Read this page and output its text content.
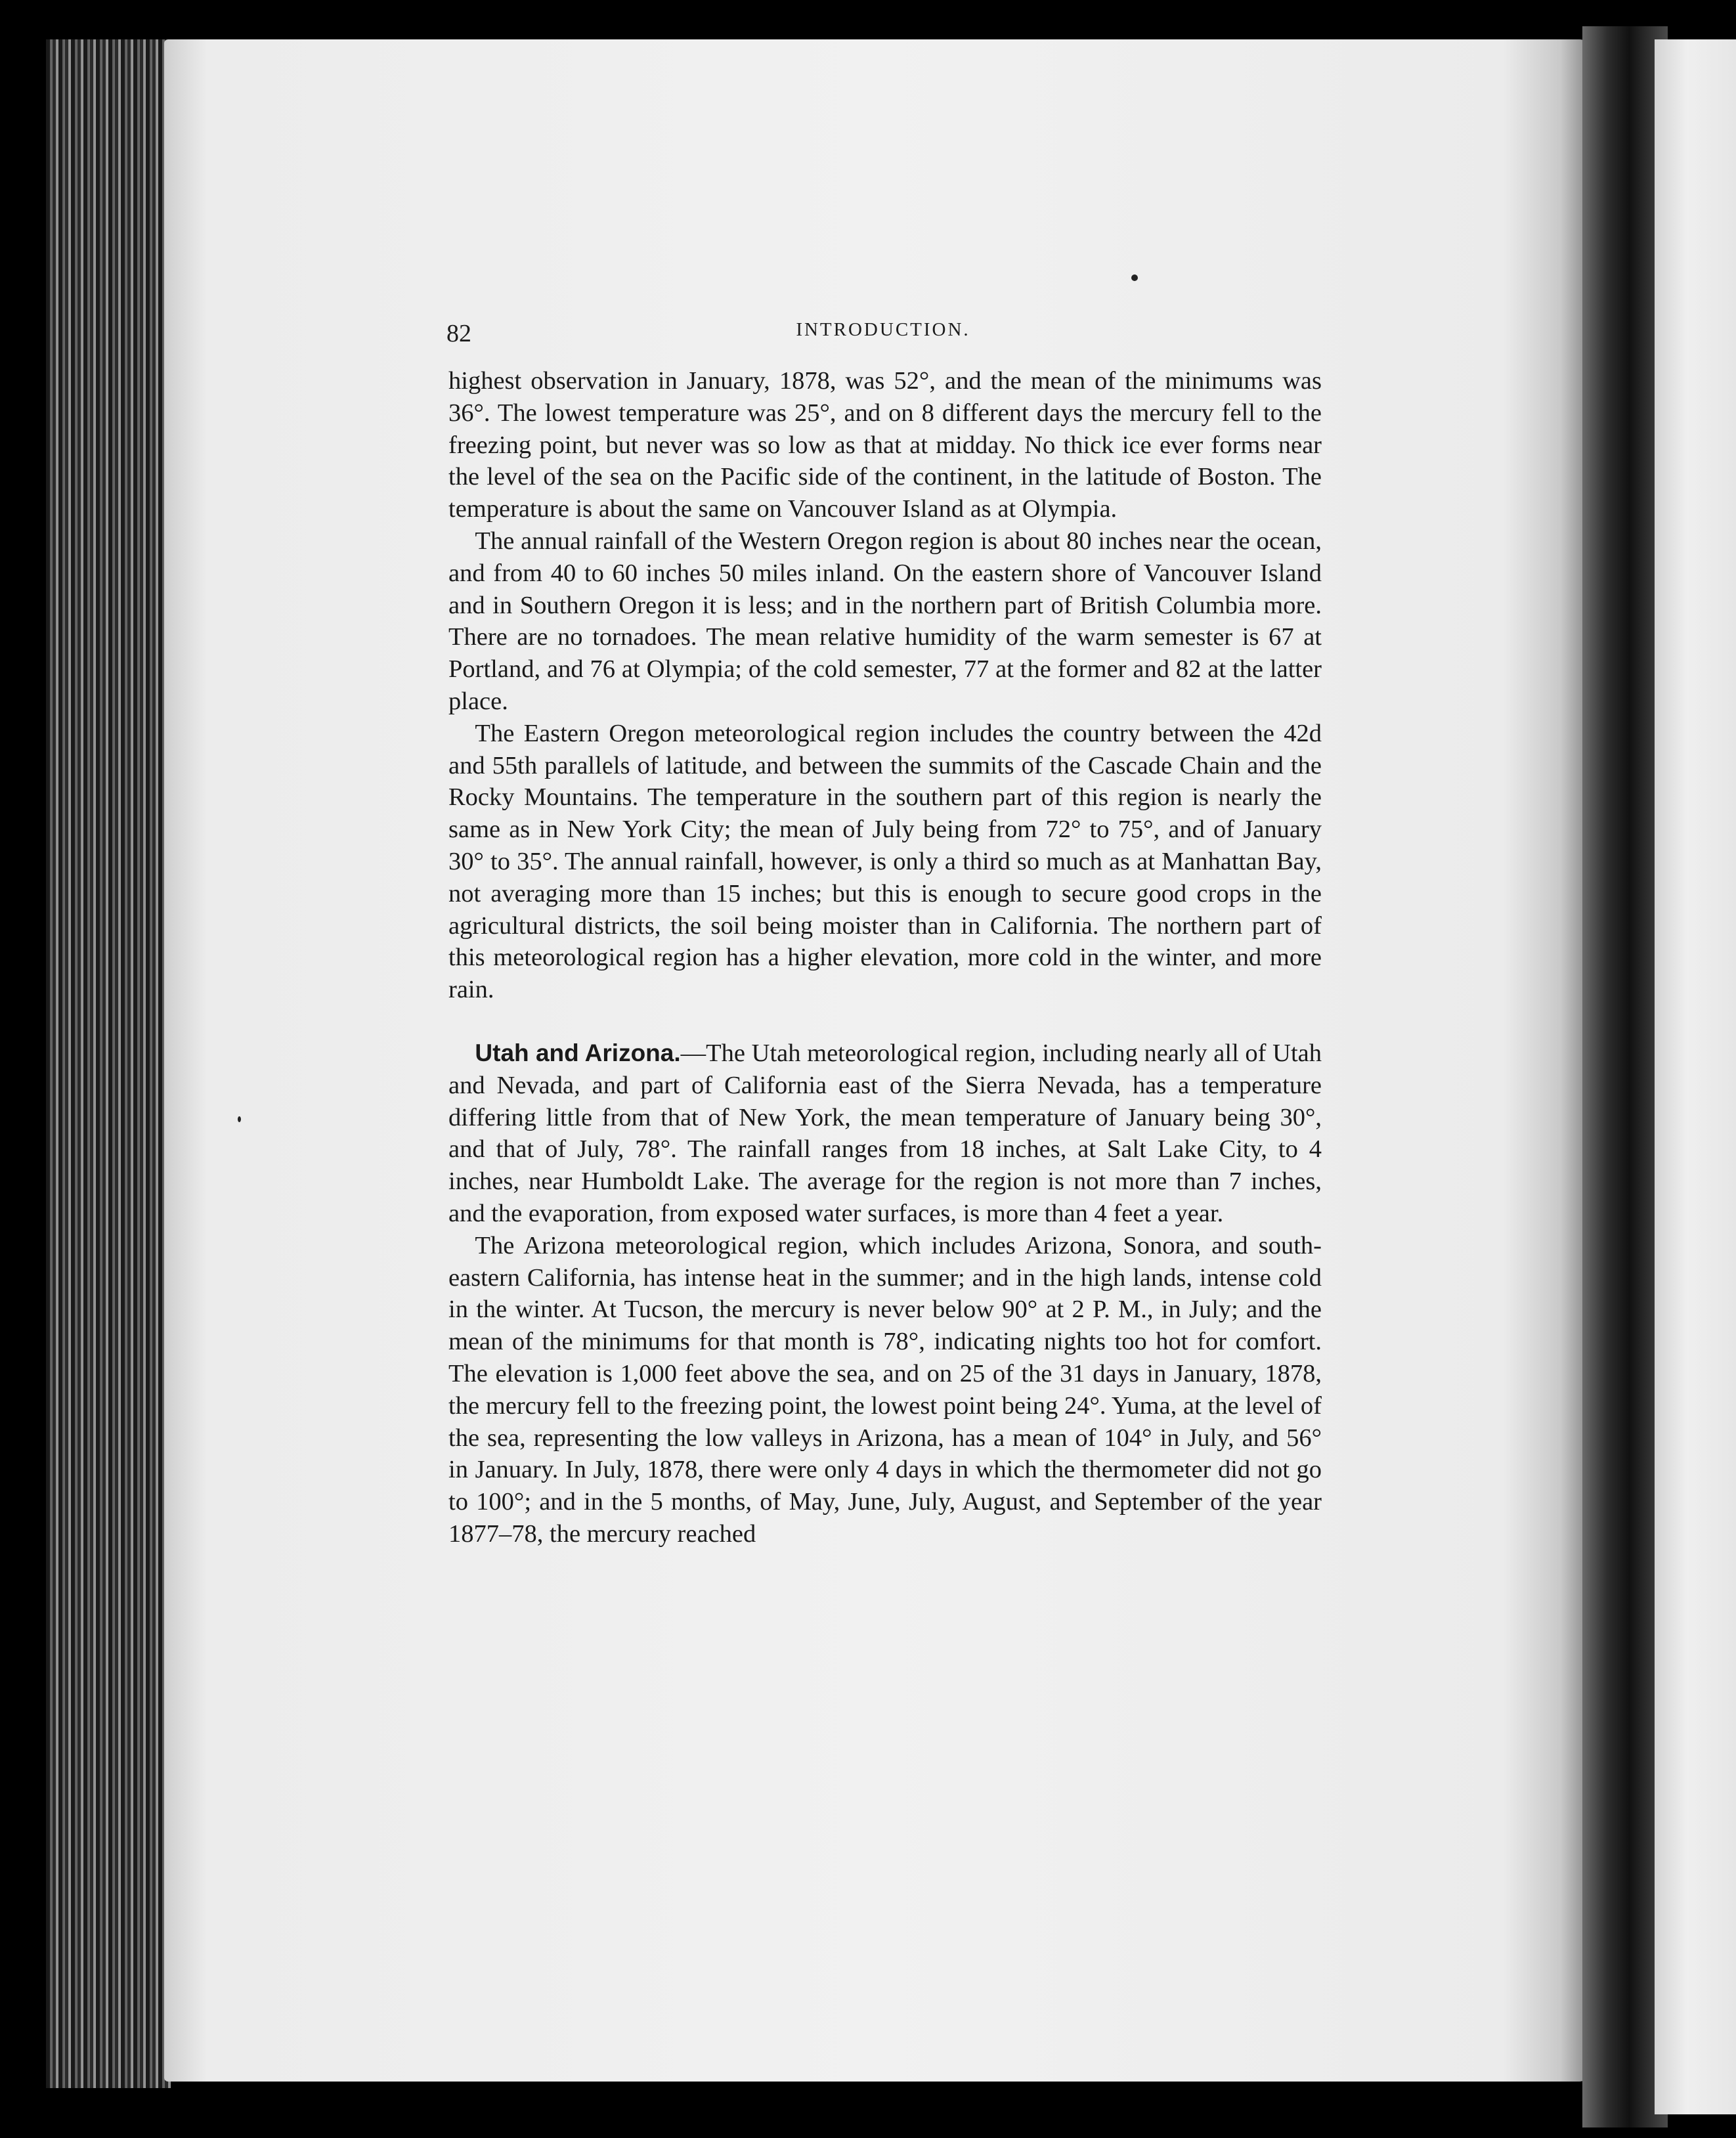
82	INTRODUCTION.

highest observation in January, 1878, was 52°, and the mean of the minimums was 36°. The lowest temperature was 25°, and on 8 different days the mercury fell to the freezing point, but never was so low as that at midday. No thick ice ever forms near the level of the sea on the Pacific side of the continent, in the latitude of Boston. The temperature is about the same on Vancouver Island as at Olympia.

The annual rainfall of the Western Oregon region is about 80 inches near the ocean, and from 40 to 60 inches 50 miles inland. On the eastern shore of Vancouver Island and in Southern Oregon it is less; and in the northern part of British Columbia more. There are no tornadoes. The mean relative humidity of the warm semester is 67 at Portland, and 76 at Olympia; of the cold semester, 77 at the former and 82 at the latter place.

The Eastern Oregon meteorological region includes the country between the 42d and 55th parallels of latitude, and between the summits of the Cascade Chain and the Rocky Mountains. The temperature in the southern part of this region is nearly the same as in New York City; the mean of July being from 72° to 75°, and of January 30° to 35°. The annual rainfall, however, is only a third so much as at Manhattan Bay, not averaging more than 15 inches; but this is enough to secure good crops in the agricultural districts, the soil being moister than in California. The northern part of this meteorological region has a higher elevation, more cold in the winter, and more rain.

Utah and Arizona.—The Utah meteorological region, including nearly all of Utah and Nevada, and part of California east of the Sierra Nevada, has a temperature differing little from that of New York, the mean temperature of January being 30°, and that of July, 78°. The rainfall ranges from 18 inches, at Salt Lake City, to 4 inches, near Humboldt Lake. The average for the region is not more than 7 inches, and the evaporation, from exposed water surfaces, is more than 4 feet a year.

The Arizona meteorological region, which includes Arizona, Sonora, and south-eastern California, has intense heat in the summer; and in the high lands, intense cold in the winter. At Tucson, the mercury is never below 90° at 2 P. M., in July; and the mean of the minimums for that month is 78°, indicating nights too hot for comfort. The elevation is 1,000 feet above the sea, and on 25 of the 31 days in January, 1878, the mercury fell to the freezing point, the lowest point being 24°. Yuma, at the level of the sea, representing the low valleys in Arizona, has a mean of 104° in July, and 56° in January. In July, 1878, there were only 4 days in which the thermometer did not go to 100°; and in the 5 months, of May, June, July, August, and September of the year 1877–78, the mercury reached
